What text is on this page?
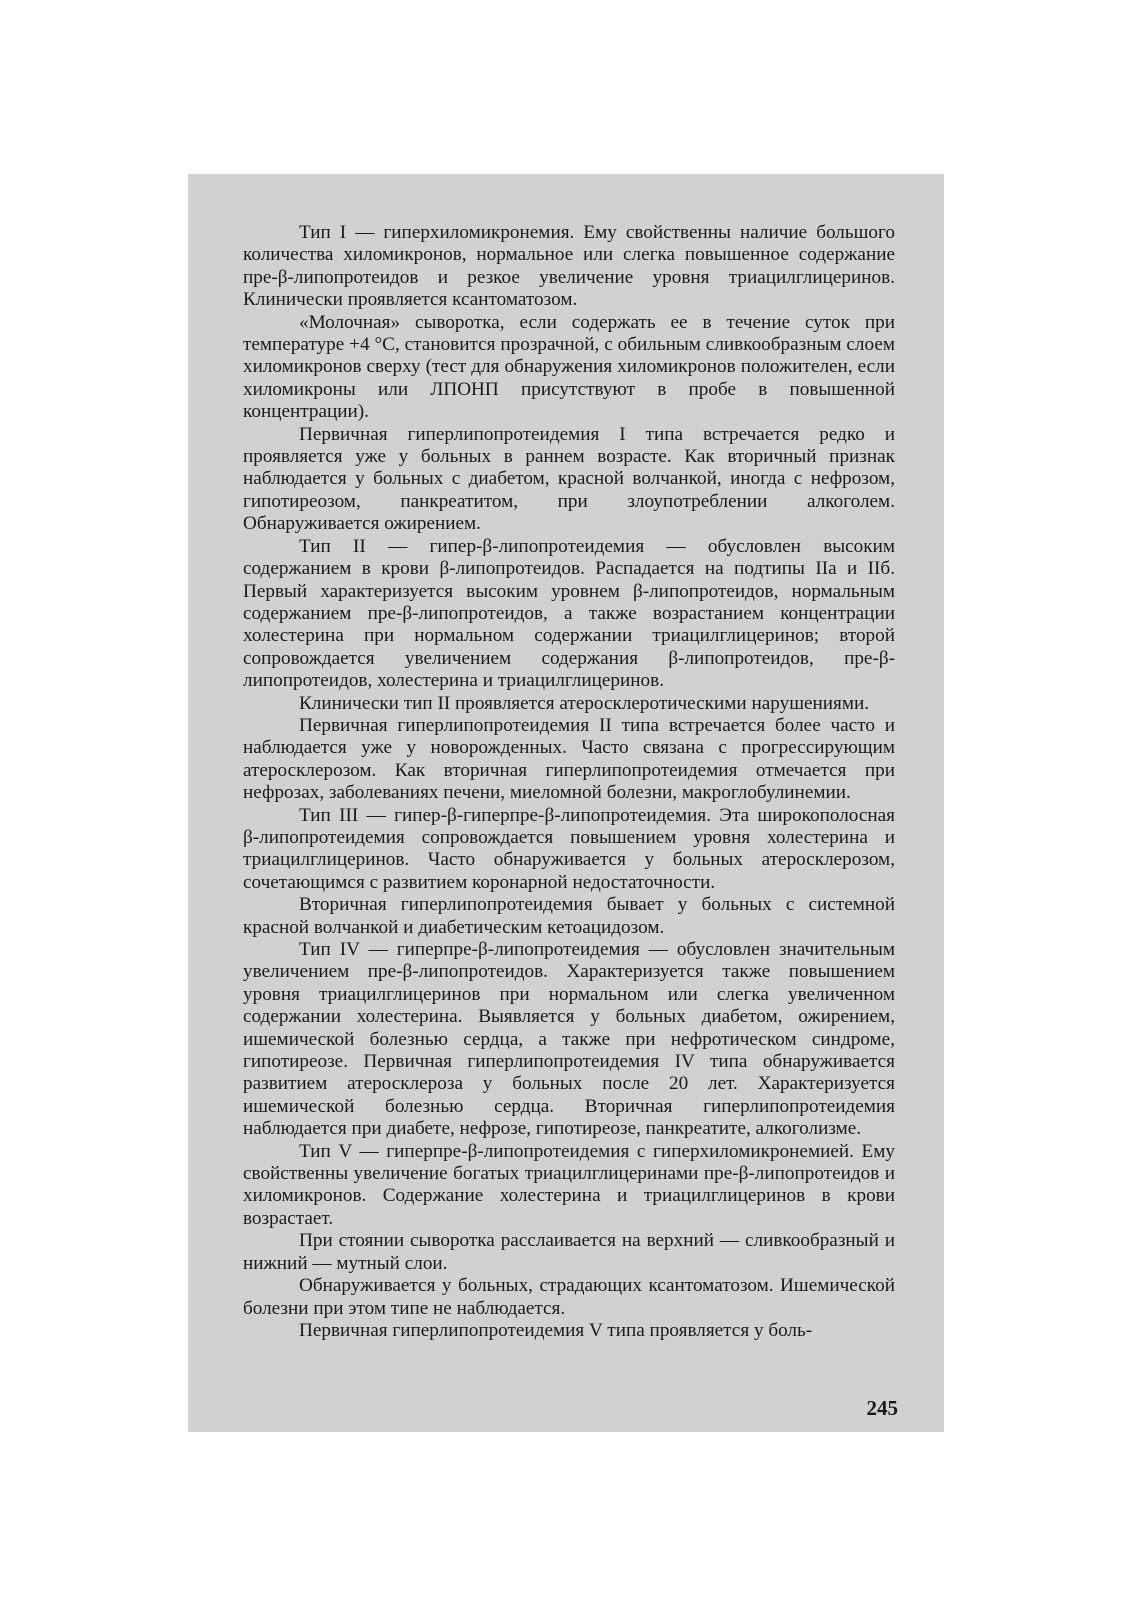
Тип I — гиперхиломикронемия. Ему свойственны наличие большого количества хиломикронов, нормальное или слегка повышенное содержание пре-β-липопротеидов и резкое увеличение уровня триацилглицеринов. Клинически проявляется ксантоматозом.

«Молочная» сыворотка, если содержать ее в течение суток при температуре +4 °С, становится прозрачной, с обильным сливкообразным слоем хиломикронов сверху (тест для обнаружения хиломикронов положителен, если хиломикроны или ЛПОНП присутствуют в пробе в повышенной концентрации).

Первичная гиперлипопротеидемия I типа встречается редко и проявляется уже у больных в раннем возрасте. Как вторичный признак наблюдается у больных с диабетом, красной волчанкой, иногда с нефрозом, гипотиреозом, панкреатитом, при злоупотреблении алкоголем. Обнаруживается ожирением.

Тип II — гипер-β-липопротеидемия — обусловлен высоким содержанием в крови β-липопротеидов. Распадается на подтипы IIа и IIб. Первый характеризуется высоким уровнем β-липопротеидов, нормальным содержанием пре-β-липопротеидов, а также возрастанием концентрации холестерина при нормальном содержании триацилглицеринов; второй сопровождается увеличением содержания β-липопротеидов, пре-β-липопротеидов, холестерина и триацилглицеринов.

Клинически тип II проявляется атеросклеротическими нарушениями.

Первичная гиперлипопротеидемия II типа встречается более часто и наблюдается уже у новорожденных. Часто связана с прогрессирующим атеросклерозом. Как вторичная гиперлипопротеидемия отмечается при нефрозах, заболеваниях печени, миеломной болезни, макроглобулинемии.

Тип III — гипер-β-гиперпре-β-липопротеидемия. Эта широкополосная β-липопротеидемия сопровождается повышением уровня холестерина и триацилглицеринов. Часто обнаруживается у больных атеросклерозом, сочетающимся с развитием коронарной недостаточности.

Вторичная гиперлипопротеидемия бывает у больных с системной красной волчанкой и диабетическим кетоацидозом.

Тип IV — гиперпре-β-липопротеидемия — обусловлен значительным увеличением пре-β-липопротеидов. Характеризуется также повышением уровня триацилглицеринов при нормальном или слегка увеличенном содержании холестерина. Выявляется у больных диабетом, ожирением, ишемической болезнью сердца, а также при нефротическом синдроме, гипотиреозе. Первичная гиперлипопротеидемия IV типа обнаруживается развитием атеросклероза у больных после 20 лет. Характеризуется ишемической болезнью сердца. Вторичная гиперлипопротеидемия наблюдается при диабете, нефрозе, гипотиреозе, панкреатите, алкоголизме.

Тип V — гиперпре-β-липопротеидемия с гиперхиломикронемией. Ему свойственны увеличение богатых триацилглицеринами пре-β-липопротеидов и хиломикронов. Содержание холестерина и триацилглицеринов в крови возрастает.

При стоянии сыворотка расслаивается на верхний — сливкообразный и нижний — мутный слои.

Обнаруживается у больных, страдающих ксантоматозом. Ишемической болезни при этом типе не наблюдается.

Первичная гиперлипопротеидемия V типа проявляется у боль-

245
